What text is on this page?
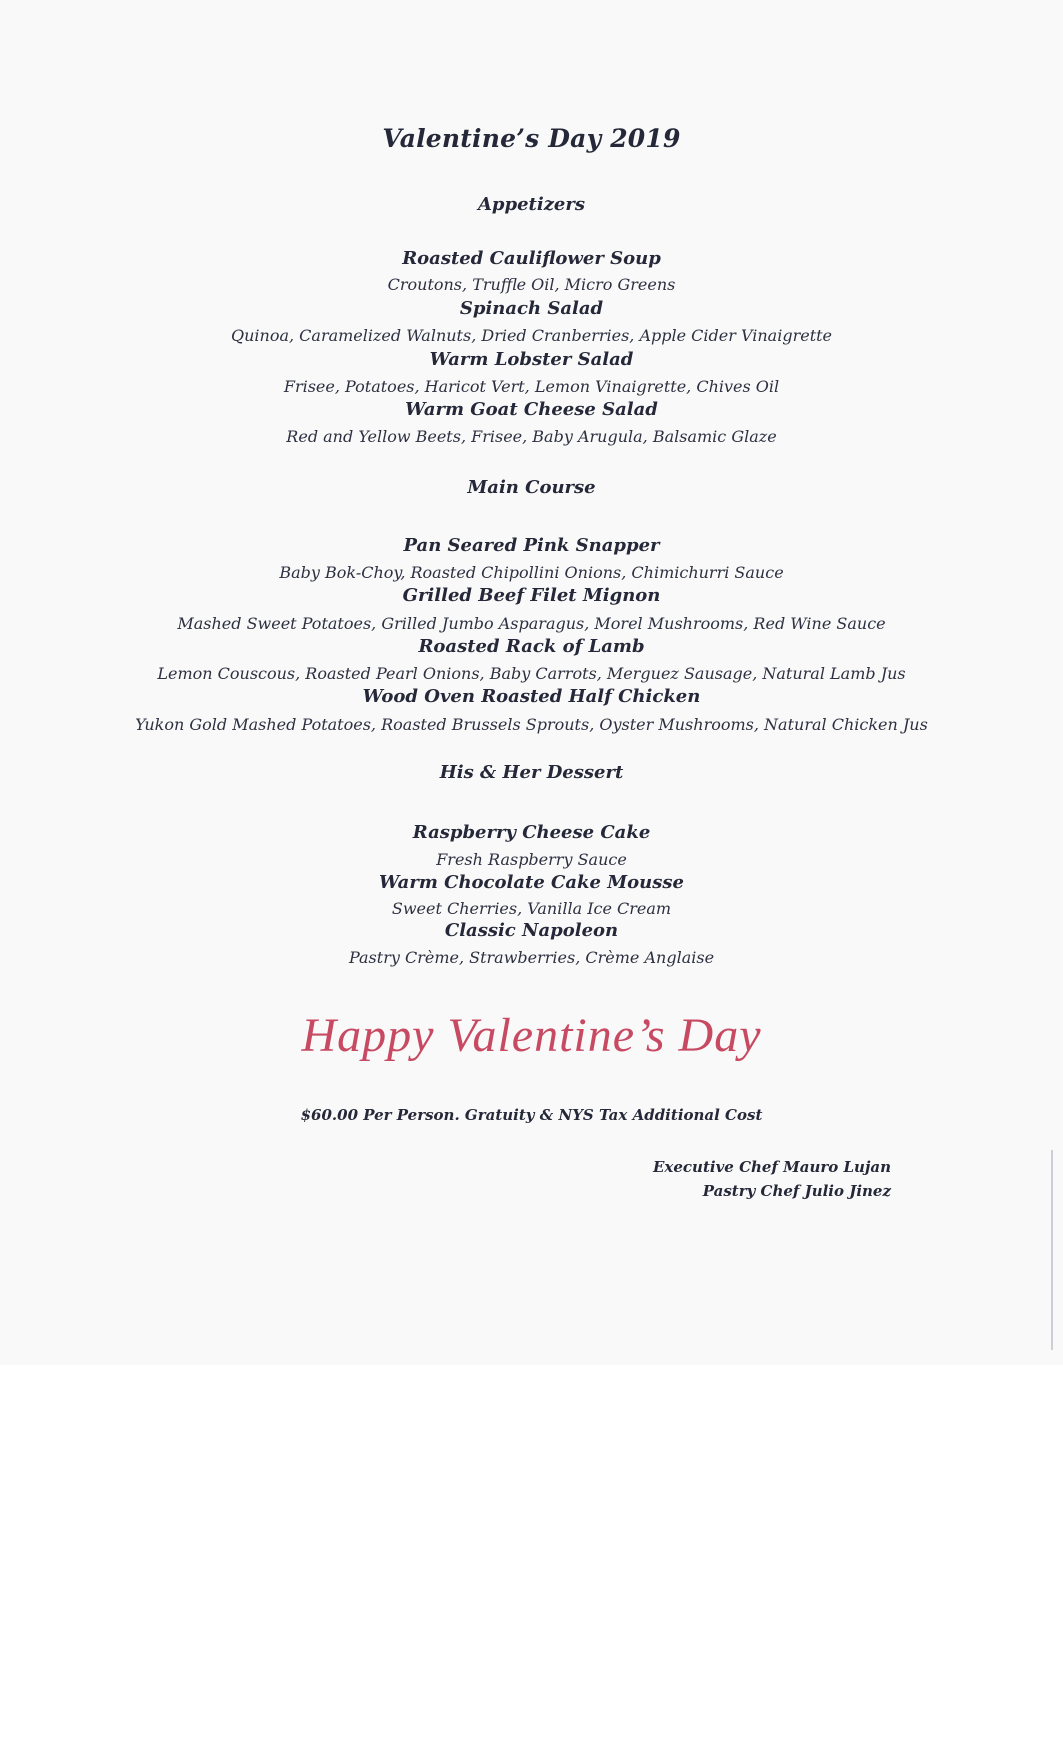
Valentine’s Day 2019
Appetizers
Roasted Cauliflower Soup
Croutons, Truffle Oil, Micro Greens
Spinach Salad
Quinoa, Caramelized Walnuts, Dried Cranberries, Apple Cider Vinaigrette
Warm Lobster Salad
Frisee, Potatoes, Haricot Vert, Lemon Vinaigrette, Chives Oil
Warm Goat Cheese Salad
Red and Yellow Beets, Frisee, Baby Arugula, Balsamic Glaze
Main Course
Pan Seared Pink Snapper
Baby Bok-Choy, Roasted Chipollini Onions, Chimichurri Sauce
Grilled Beef Filet Mignon
Mashed Sweet Potatoes, Grilled Jumbo Asparagus, Morel Mushrooms, Red Wine Sauce
Roasted Rack of Lamb
Lemon Couscous, Roasted Pearl Onions, Baby Carrots, Merguez Sausage, Natural Lamb Jus
Wood Oven Roasted Half Chicken
Yukon Gold Mashed Potatoes, Roasted Brussels Sprouts, Oyster Mushrooms, Natural Chicken Jus
His & Her Dessert
Raspberry Cheese Cake
Fresh Raspberry Sauce
Warm Chocolate Cake Mousse
Sweet Cherries, Vanilla Ice Cream
Classic Napoleon
Pastry Crème, Strawberries, Crème Anglaise
Happy Valentine’s Day
$60.00 Per Person. Gratuity & NYS Tax Additional Cost
Executive Chef Mauro Lujan
Pastry Chef Julio Jinez
